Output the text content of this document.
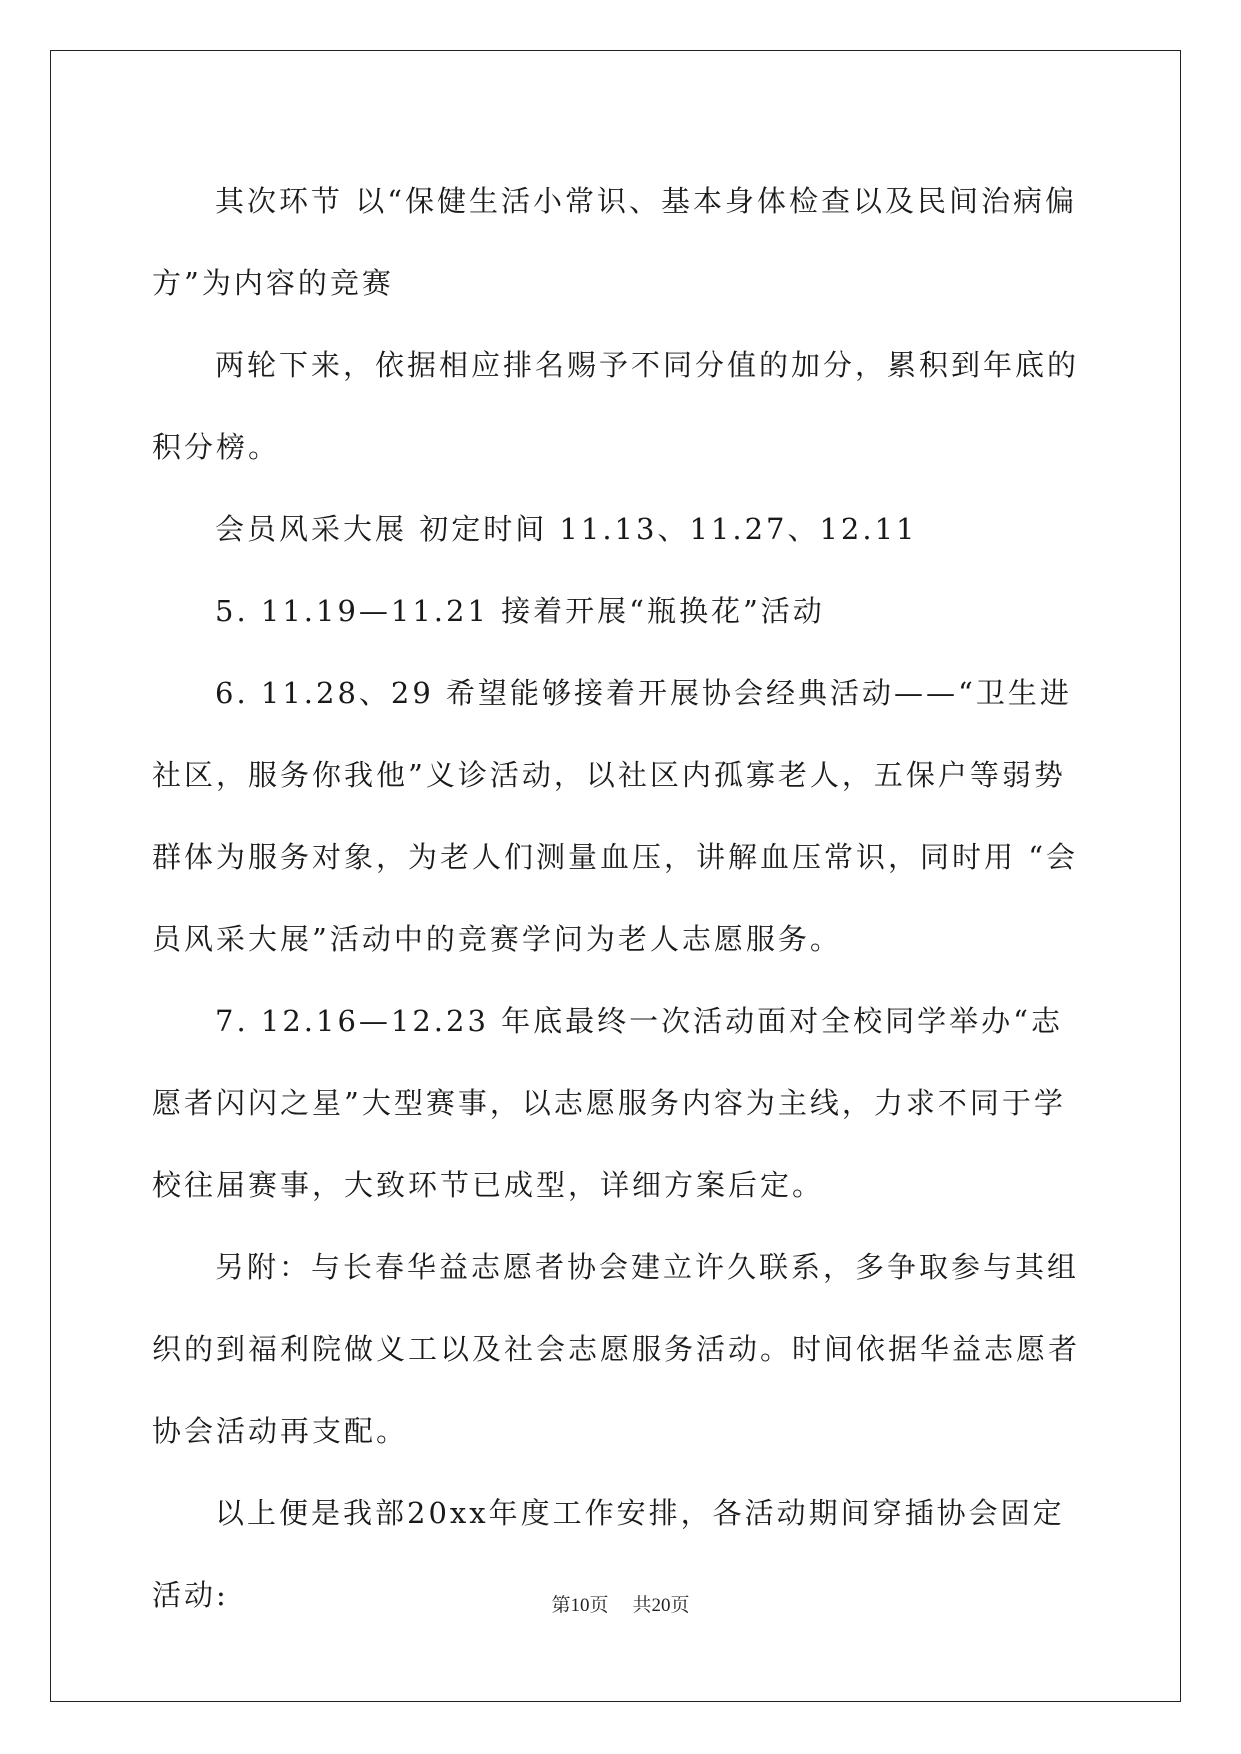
其次环节 以“保健生活小常识、基本身体检查以及民间治病偏方”为内容的竞赛

两轮下来，依据相应排名赐予不同分值的加分，累积到年底的积分榜。

会员风采大展 初定时间 11.13、11.27、12.11

5. 11.19—11.21 接着开展“瓶换花”活动

6. 11.28、29 希望能够接着开展协会经典活动——“卫生进社区，服务你我他”义诊活动，以社区内孤寡老人，五保户等弱势群体为服务对象，为老人们测量血压，讲解血压常识，同时用 “会员风采大展”活动中的竞赛学问为老人志愿服务。

7. 12.16—12.23 年底最终一次活动面对全校同学举办“志愿者闪闪之星”大型赛事，以志愿服务内容为主线，力求不同于学校往届赛事，大致环节已成型，详细方案后定。

另附：与长春华益志愿者协会建立许久联系，多争取参与其组织的到福利院做义工以及社会志愿服务活动。时间依据华益志愿者协会活动再支配。

以上便是我部20xx年度工作安排，各活动期间穿插协会固定活动:	第10页 共20页
